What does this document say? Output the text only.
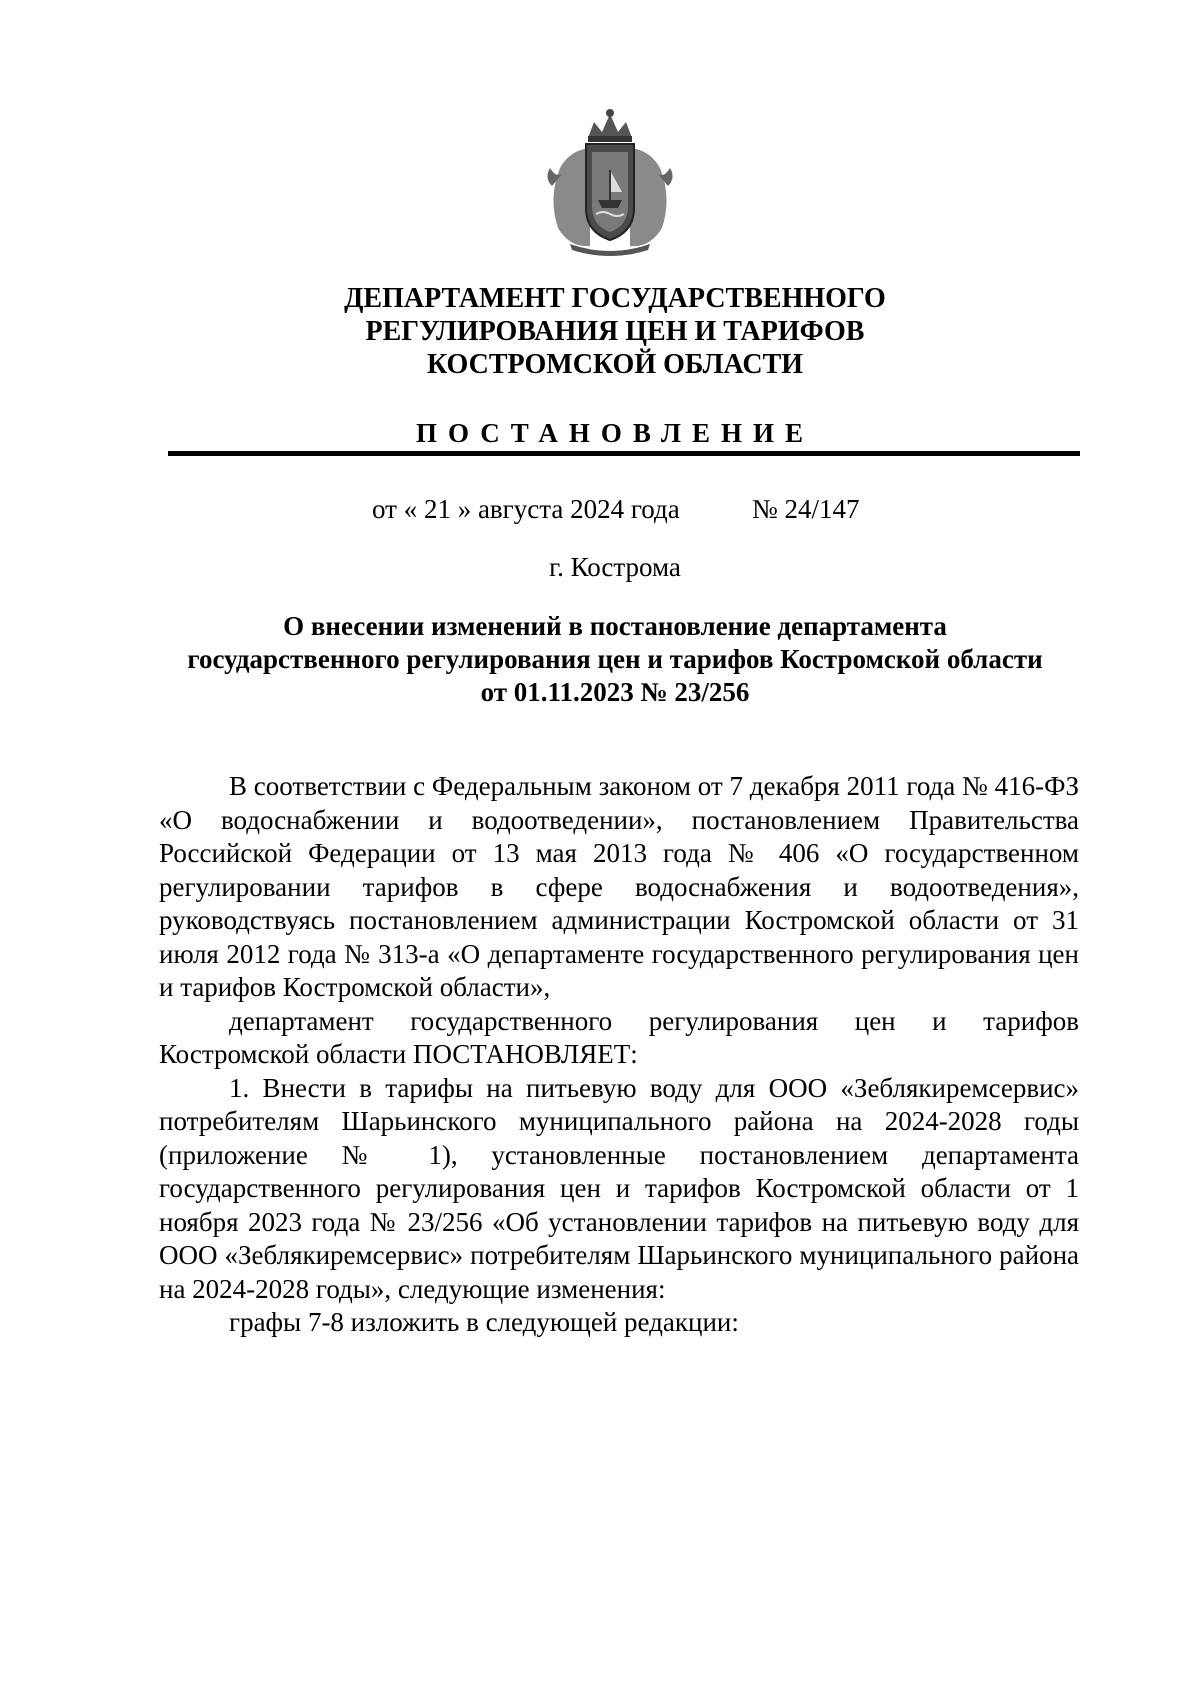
ДЕПАРТАМЕНТ ГОСУДАРСТВЕННОГО
РЕГУЛИРОВАНИЯ ЦЕН И ТАРИФОВ
КОСТРОМСКОЙ ОБЛАСТИ
ПОСТАНОВЛЕНИЕ
от « 21 » августа 2024 года	№ 24/147
г. Кострома
О внесении изменений в постановление департамента
государственного регулирования цен и тарифов Костромской области
от 01.11.2023 № 23/256

В соответствии с Федеральным законом от 7 декабря 2011 года № 416-ФЗ «О водоснабжении и водоотведении», постановлением Правительства Российской Федерации от 13 мая 2013 года № 406 «О государственном регулировании тарифов в сфере водоснабжения и водоотведения», руководствуясь постановлением администрации Костромской области от 31 июля 2012 года № 313-а «О департаменте государственного регулирования цен и тарифов Костромской области»,

департамент государственного регулирования цен и тарифов Костромской области ПОСТАНОВЛЯЕТ:

1. Внести в тарифы на питьевую воду для ООО «Зеблякиремсервис» потребителям Шарьинского муниципального района на 2024-2028 годы (приложение № 1), установленные постановлением департамента государственного регулирования цен и тарифов Костромской области от 1 ноября 2023 года № 23/256 «Об установлении тарифов на питьевую воду для ООО «Зеблякиремсервис» потребителям Шарьинского муниципального района на 2024-2028 годы», следующие изменения:

графы 7-8 изложить в следующей редакции:
